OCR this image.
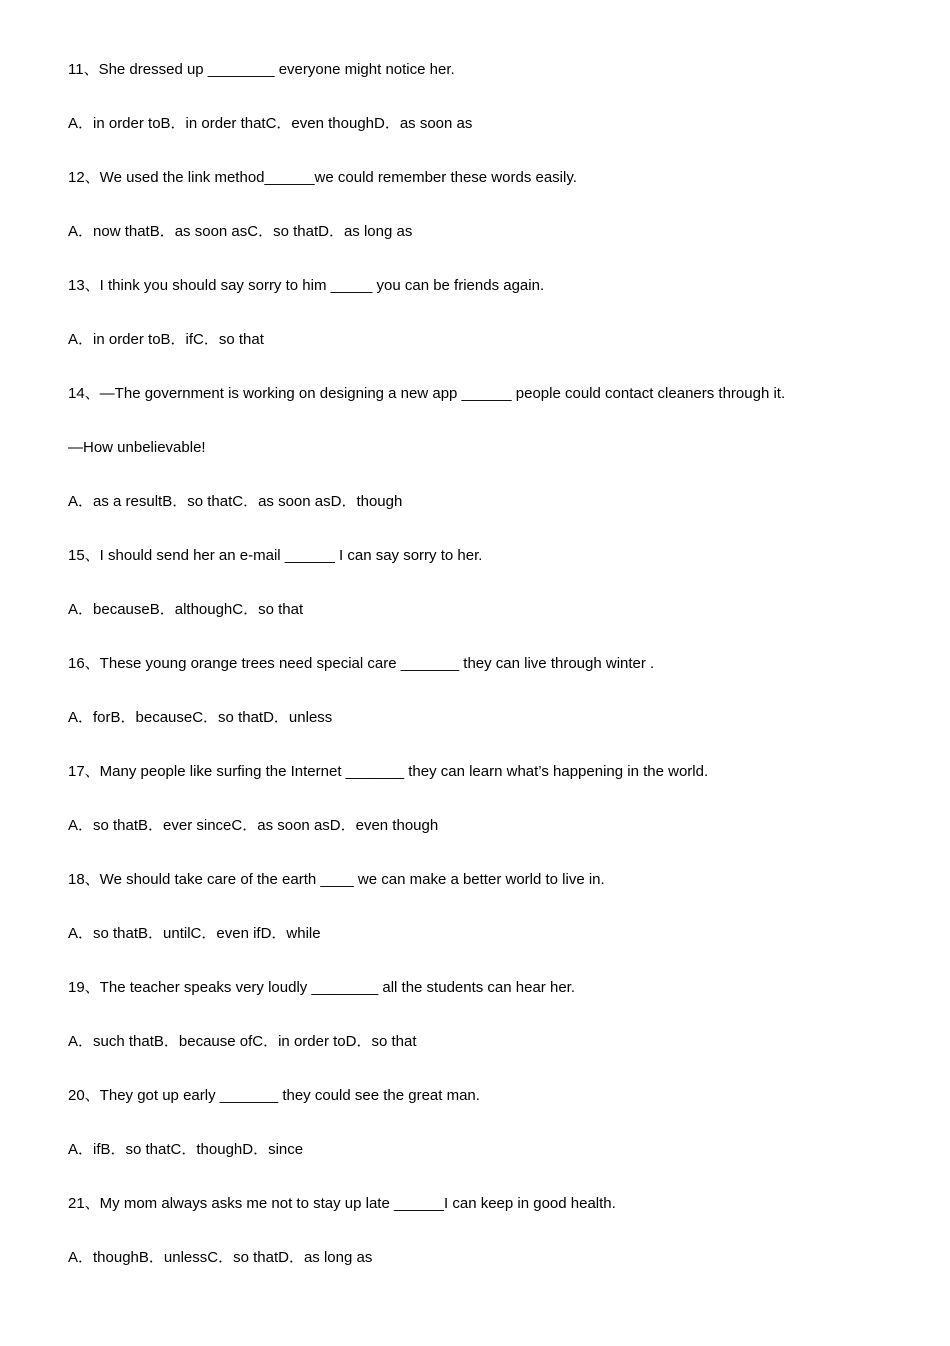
11、She dressed up ________ everyone might notice her.
A．in order toB．in order thatC．even thoughD．as soon as
12、We used the link method______we could remember these words easily.
A．now thatB．as soon asC．so thatD．as long as
13、I think you should say sorry to him _____ you can be friends again.
A．in order toB．ifC．so that
14、—The government is working on designing a new app ______ people could contact cleaners through it.
—How unbelievable!
A．as a resultB．so thatC．as soon asD．though
15、I should send her an e-mail ______ I can say sorry to her.
A．becauseB．althoughC．so that
16、These young orange trees need special care _______ they can live through winter .
A．forB．becauseC．so thatD．unless
17、Many people like surfing the Internet _______ they can learn what’s happening in the world.
A．so thatB．ever sinceC．as soon asD．even though
18、We should take care of the earth ____ we can make a better world to live in.
A．so thatB．untilC．even ifD．while
19、The teacher speaks very loudly ________ all the students can hear her.
A．such thatB．because ofC．in order toD．so that
20、They got up early _______ they could see the great man.
A．ifB．so thatC．thoughD．since
21、My mom always asks me not to stay up late ______I can keep in good health.
A．thoughB．unlessC．so thatD．as long as
